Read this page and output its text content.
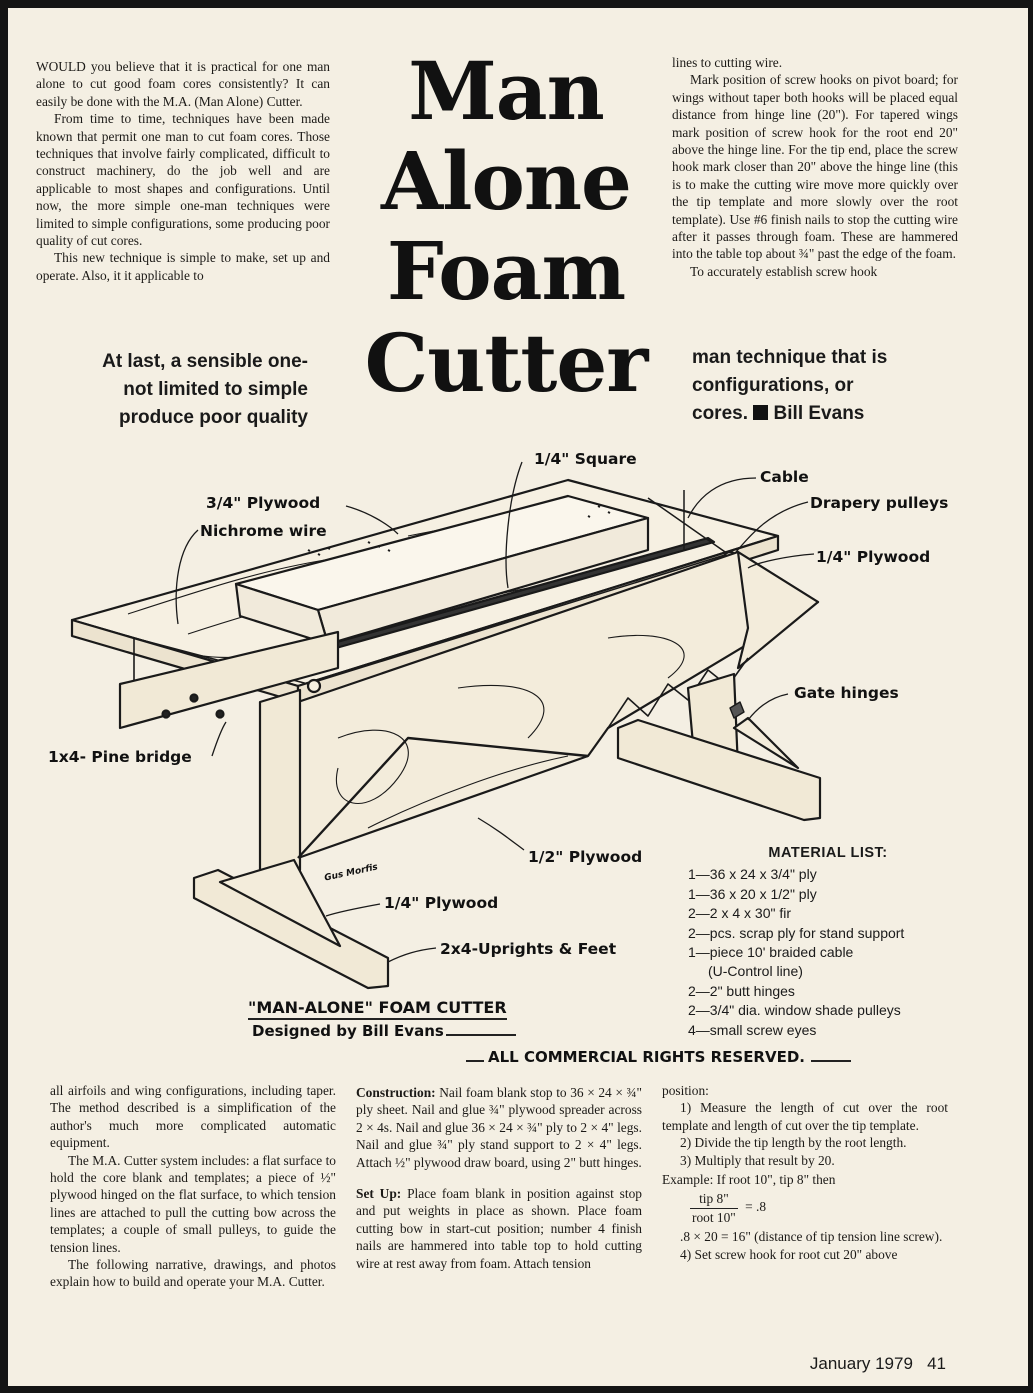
WOULD you believe that it is practical for one man alone to cut good foam cores consistently? It can easily be done with the M.A. (Man Alone) Cutter.

From time to time, techniques have been made known that permit one man to cut foam cores. Those techniques that involve fairly complicated, difficult to construct machinery, do the job well and are applicable to most shapes and configurations. Until now, the more simple one-man techniques were limited to simple configurations, some producing poor quality of cut cores.

This new technique is simple to make, set up and operate. Also, it it applicable to

Man
Alone
Foam
Cutter

lines to cutting wire.

Mark position of screw hooks on pivot board; for wings without taper both hooks will be placed equal distance from hinge line (20"). For tapered wings mark position of screw hook for the root end 20" above the hinge line. For the tip end, place the screw hook mark closer than 20" above the hinge line (this is to make the cutting wire move more quickly over the tip template and more slowly over the root template). Use #6 finish nails to stop the cutting wire after it passes through foam. These are hammered into the table top about ¾" past the edge of the foam.

To accurately establish screw hook

At last, a sensible one-
not limited to simple
produce poor quality
man technique that is
configurations, or
cores. Bill Evans
1/4" Square
Cable
3/4" Plywood	Drapery pulleys
Nichrome wire
1/4" Plywood
Gate hinges
1x4- Pine bridge
1/2" Plywood
1/4" Plywood
2x4-Uprights & Feet
Gus Morfis
MATERIAL LIST:
1—36 x 24 x 3/4" ply
1—36 x 20 x 1/2" ply
2—2 x 4 x 30" fir
2—pcs. scrap ply for stand support
1—piece 10' braided cable
(U-Control line)
2—2" butt hinges
2—3/4" dia. window shade pulleys
4—small screw eyes
"MAN-ALONE" FOAM CUTTER
Designed by Bill Evans
ALL COMMERCIAL RIGHTS RESERVED.

all airfoils and wing configurations, including taper. The method described is a simplification of the author's much more complicated automatic equipment.

The M.A. Cutter system includes: a flat surface to hold the core blank and templates; a piece of ½" plywood hinged on the flat surface, to which tension lines are attached to pull the cutting bow across the templates; a couple of small pulleys, to guide the tension lines.

The following narrative, drawings, and photos explain how to build and operate your M.A. Cutter.

Construction: Nail foam blank stop to 36 × 24 × ¾" ply sheet. Nail and glue ¾" plywood spreader across 2 × 4s. Nail and glue 36 × 24 × ¾" ply to 2 × 4" legs. Nail and glue ¾" ply stand support to 2 × 4" legs. Attach ½" plywood draw board, using 2" butt hinges.

Set Up: Place foam blank in position against stop and put weights in place as shown. Place foam cutting bow in start-cut position; number 4 finish nails are hammered into table top to hold cutting wire at rest away from foam. Attach tension

position:

1) Measure the length of cut over the root template and length of cut over the tip template.

2) Divide the tip length by the root length.

3) Multiply that result by 20.

Example: If root 10", tip 8" then

$\frac{\text{tip 8"}}{\text{root 10"}} = .8$

.8 × 20 = 16" (distance of tip tension line screw).

4) Set screw hook for root cut 20" above

January 1979 41
